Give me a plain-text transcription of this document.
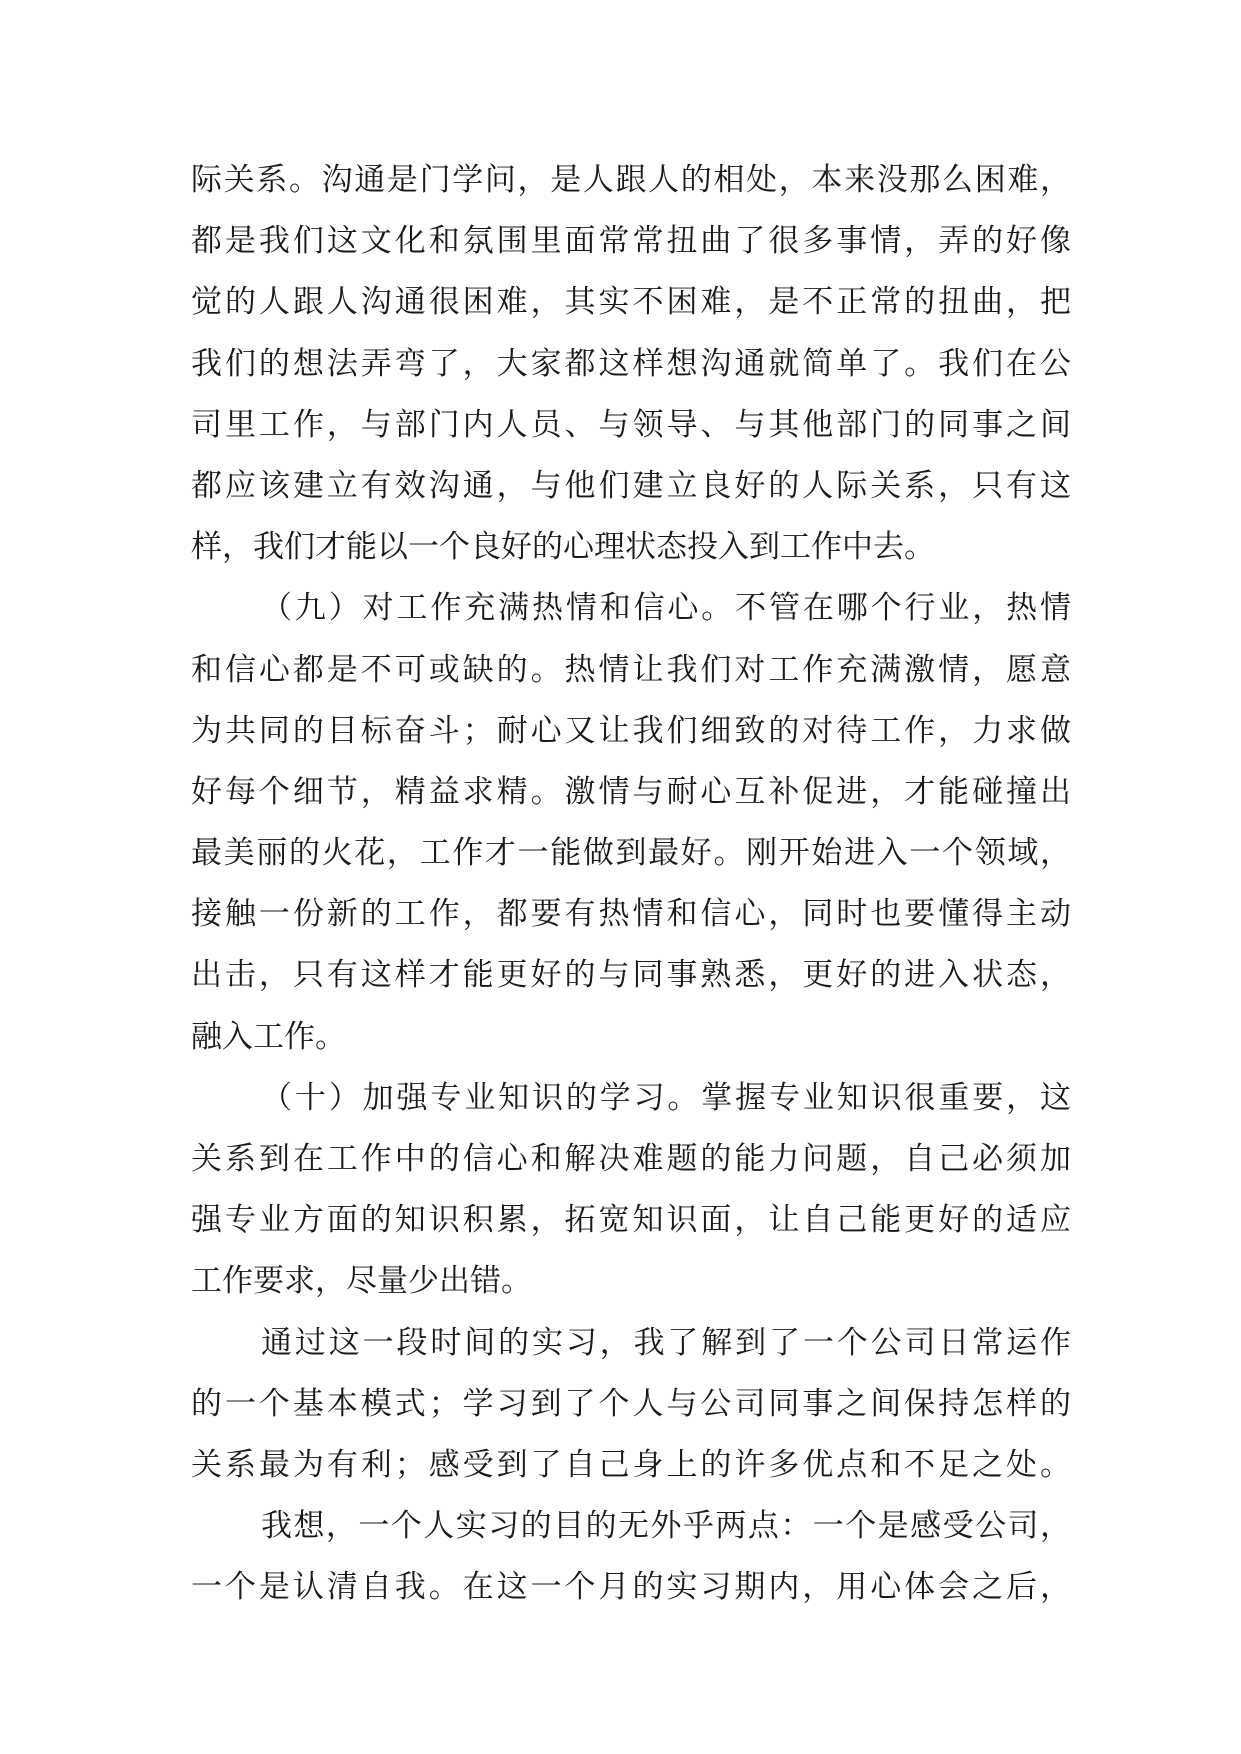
际关系。沟通是门学问，是人跟人的相处，本来没那么困难，
都是我们这文化和氛围里面常常扭曲了很多事情，弄的好像
觉的人跟人沟通很困难，其实不困难，是不正常的扭曲，把
我们的想法弄弯了，大家都这样想沟通就简单了。我们在公
司里工作，与部门内人员、与领导、与其他部门的同事之间
都应该建立有效沟通，与他们建立良好的人际关系，只有这
样，我们才能以一个良好的心理状态投入到工作中去。
（九）对工作充满热情和信心。不管在哪个行业，热情
和信心都是不可或缺的。热情让我们对工作充满激情，愿意
为共同的目标奋斗；耐心又让我们细致的对待工作，力求做
好每个细节，精益求精。激情与耐心互补促进，才能碰撞出
最美丽的火花，工作才一能做到最好。刚开始进入一个领域，
接触一份新的工作，都要有热情和信心，同时也要懂得主动
出击，只有这样才能更好的与同事熟悉，更好的进入状态，
融入工作。
（十）加强专业知识的学习。掌握专业知识很重要，这
关系到在工作中的信心和解决难题的能力问题，自己必须加
强专业方面的知识积累，拓宽知识面，让自己能更好的适应
工作要求，尽量少出错。
通过这一段时间的实习，我了解到了一个公司日常运作
的一个基本模式；学习到了个人与公司同事之间保持怎样的
关系最为有利；感受到了自己身上的许多优点和不足之处。
我想，一个人实习的目的无外乎两点：一个是感受公司，
一个是认清自我。在这一个月的实习期内，用心体会之后，
